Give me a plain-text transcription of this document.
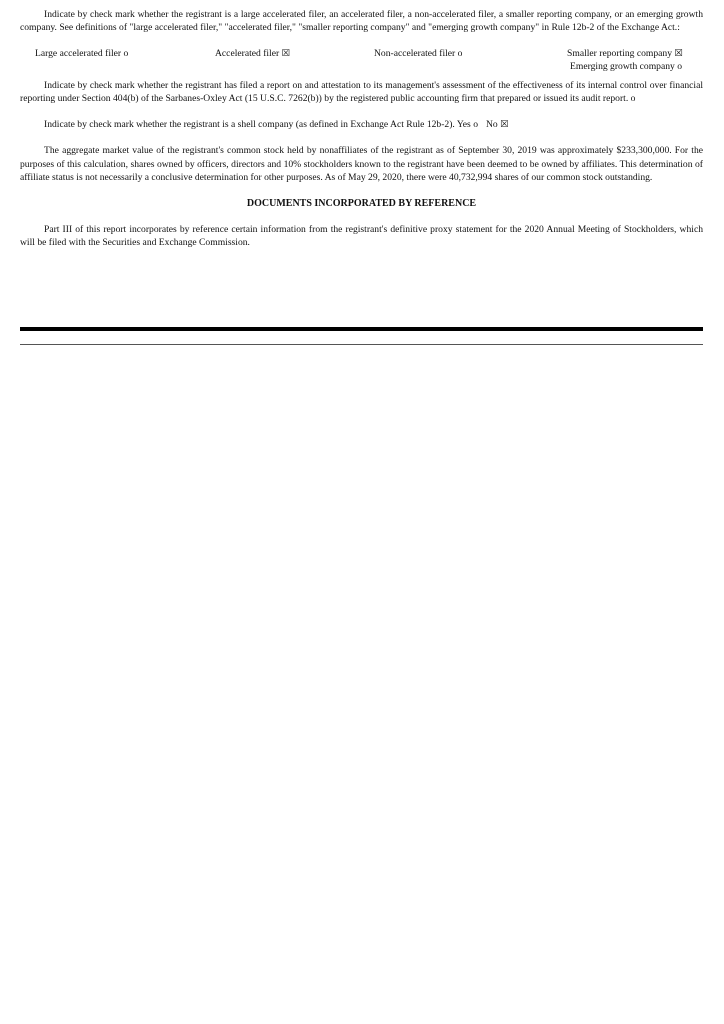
Indicate by check mark whether the registrant is a large accelerated filer, an accelerated filer, a non-accelerated filer, a smaller reporting company, or an emerging growth company. See definitions of "large accelerated filer," "accelerated filer," "smaller reporting company" and "emerging growth company" in Rule 12b-2 of the Exchange Act.:

Large accelerated filer o	Accelerated filer ☒	Non-accelerated filer o	Smaller reporting company ☒
Emerging growth company o

Indicate by check mark whether the registrant has filed a report on and attestation to its management's assessment of the effectiveness of its internal control over financial reporting under Section 404(b) of the Sarbanes-Oxley Act (15 U.S.C. 7262(b)) by the registered public accounting firm that prepared or issued its audit report. o

Indicate by check mark whether the registrant is a shell company (as defined in Exchange Act Rule 12b-2). Yes o No ☒

The aggregate market value of the registrant's common stock held by nonaffiliates of the registrant as of September 30, 2019 was approximately $233,300,000. For the purposes of this calculation, shares owned by officers, directors and 10% stockholders known to the registrant have been deemed to be owned by affiliates. This determination of affiliate status is not necessarily a conclusive determination for other purposes. As of May 29, 2020, there were 40,732,994 shares of our common stock outstanding.

DOCUMENTS INCORPORATED BY REFERENCE

Part III of this report incorporates by reference certain information from the registrant's definitive proxy statement for the 2020 Annual Meeting of Stockholders, which will be filed with the Securities and Exchange Commission.
